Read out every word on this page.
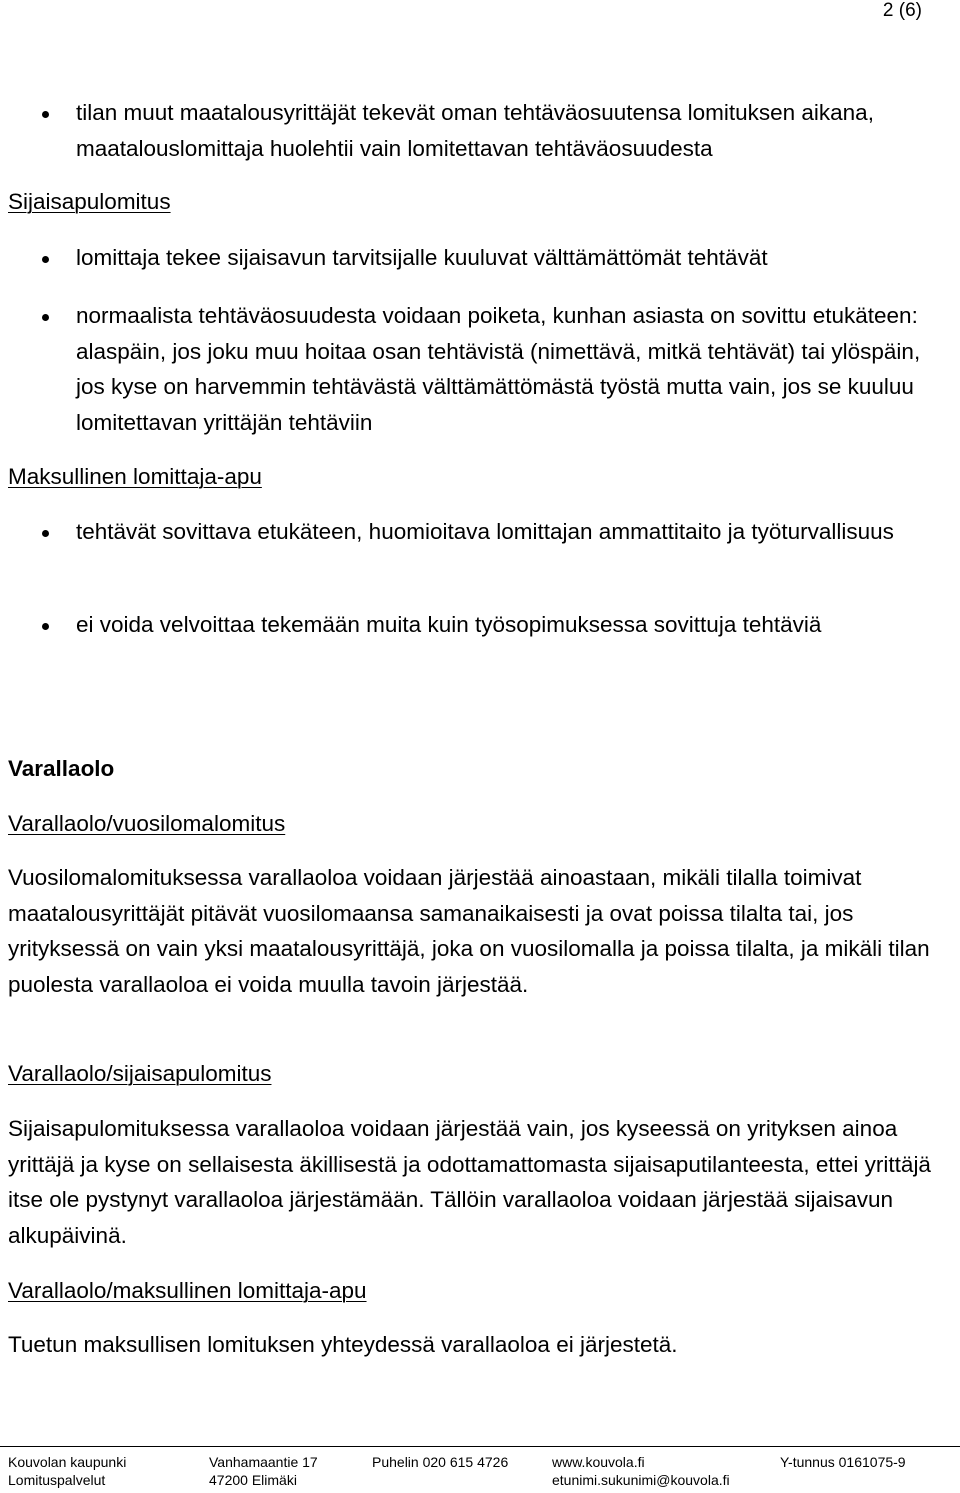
2 (6)
tilan muut maatalousyrittäjät tekevät oman tehtäväosuutensa lomituksen aikana, maatalouslomittaja huolehtii vain lomitettavan tehtäväosuudesta
Sijaisapulomitus
lomittaja tekee sijaisavun tarvitsijalle kuuluvat välttämättömät tehtävät
normaalista tehtäväosuudesta voidaan poiketa, kunhan asiasta on sovittu etukäteen: alaspäin, jos joku muu hoitaa osan tehtävistä (nimettävä, mitkä tehtävät) tai ylöspäin, jos kyse on harvemmin tehtävästä välttämättömästä työstä mutta vain, jos se kuuluu lomitettavan yrittäjän tehtäviin
Maksullinen lomittaja-apu
tehtävät sovittava etukäteen, huomioitava lomittajan ammattitaito ja työturvallisuus
ei voida velvoittaa tekemään muita kuin työsopimuksessa sovittuja tehtäviä
Varallaolo
Varallaolo/vuosilomalomitus
Vuosilomalomituksessa varallaoloa voidaan järjestää ainoastaan, mikäli tilalla toimivat maatalousyrittäjät pitävät vuosilomaansa samanaikaisesti ja ovat poissa tilalta tai, jos yrityksessä on vain yksi maatalousyrittäjä, joka on vuosilomalla ja poissa tilalta, ja mikäli tilan puolesta varallaoloa ei voida muulla tavoin järjestää.
Varallaolo/sijaisapulomitus
Sijaisapulomituksessa varallaoloa voidaan järjestää vain, jos kyseessä on yrityksen ainoa yrittäjä ja kyse on sellaisesta äkillisestä ja odottamattomasta sijaisaputilanteesta, ettei yrittäjä itse ole pystynyt varallaoloa järjestämään. Tällöin varallaoloa voidaan järjestää sijaisavun alkupäivinä.
Varallaolo/maksullinen lomittaja-apu
Tuetun maksullisen lomituksen yhteydessä varallaoloa ei järjestetä.
Kouvolan kaupunki
Lomituspalvelut
Vanhamaantie 17
47200 Elimäki
Puhelin 020 615 4726	www.kouvola.fi
etunimi.sukunimi@kouvola.fi
Y-tunnus 0161075-9
